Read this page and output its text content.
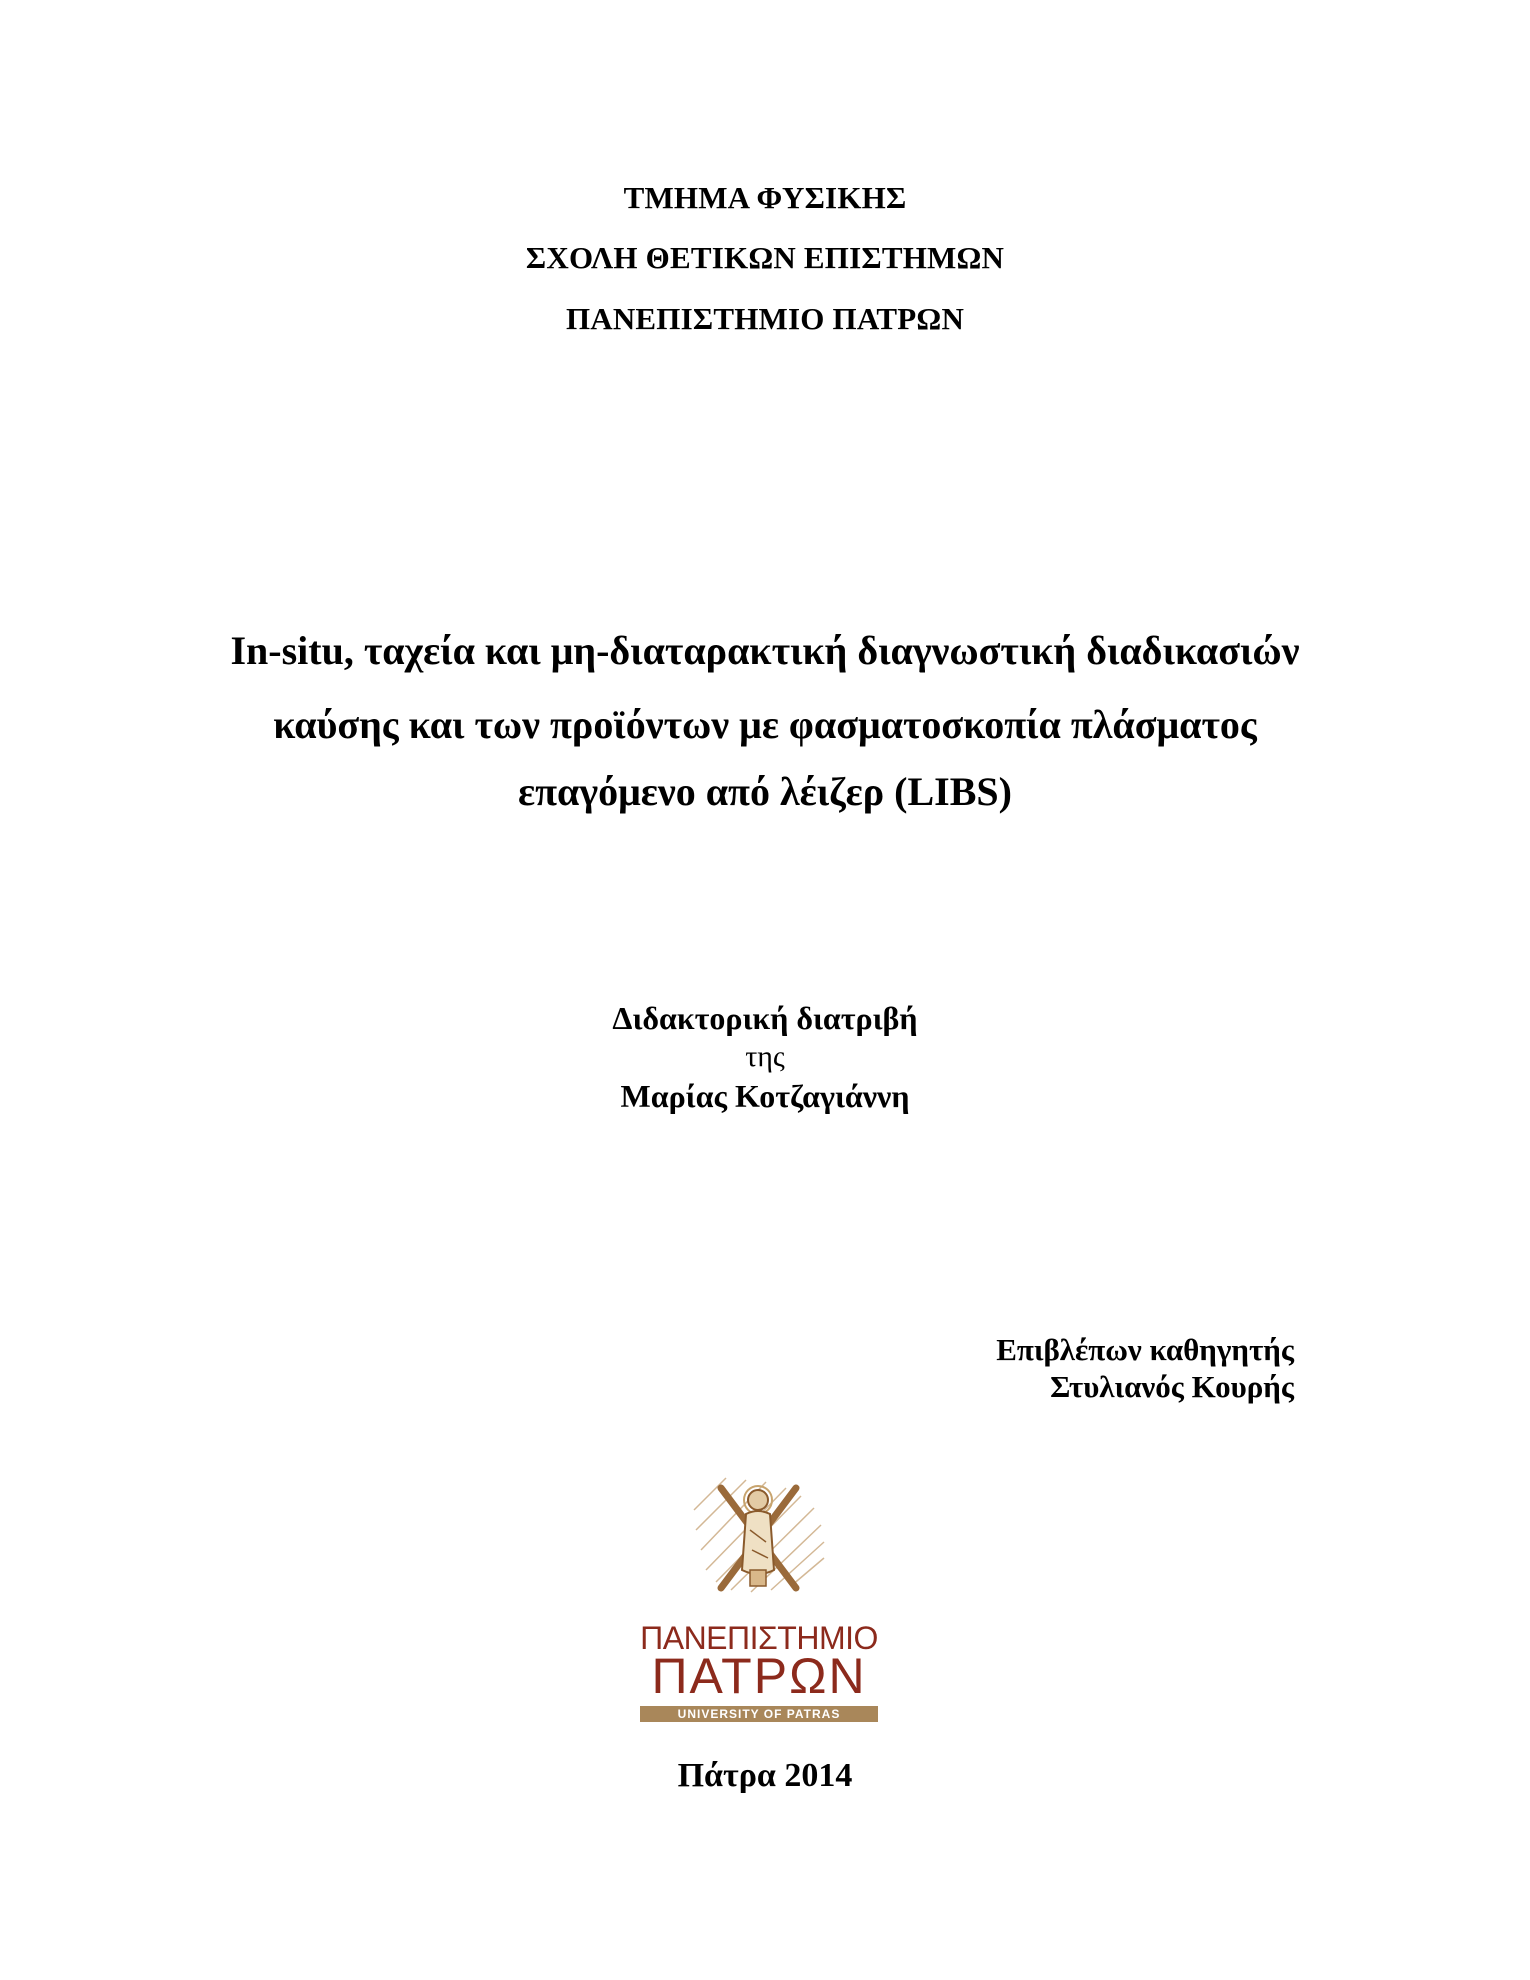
ΤΜΗΜΑ ΦΥΣΙΚΗΣ
ΣΧΟΛΗ ΘΕΤΙΚΩΝ ΕΠΙΣΤΗΜΩΝ
ΠΑΝΕΠΙΣΤΗΜΙΟ ΠΑΤΡΩΝ
In-situ, ταχεία και μη-διαταρακτική διαγνωστική διαδικασιών
καύσης και των προϊόντων με φασματοσκοπία πλάσματος
επαγόμενο από λέιζερ (LIBS)
Διδακτορική διατριβή
της
Μαρίας Κοτζαγιάννη
Επιβλέπων καθηγητής
Στυλιανός Κουρής
ΠΑΝΕΠΙΣΤΗΜΙΟ
ΠΑΤΡΩΝ
UNIVERSITY OF PATRAS
Πάτρα 2014
